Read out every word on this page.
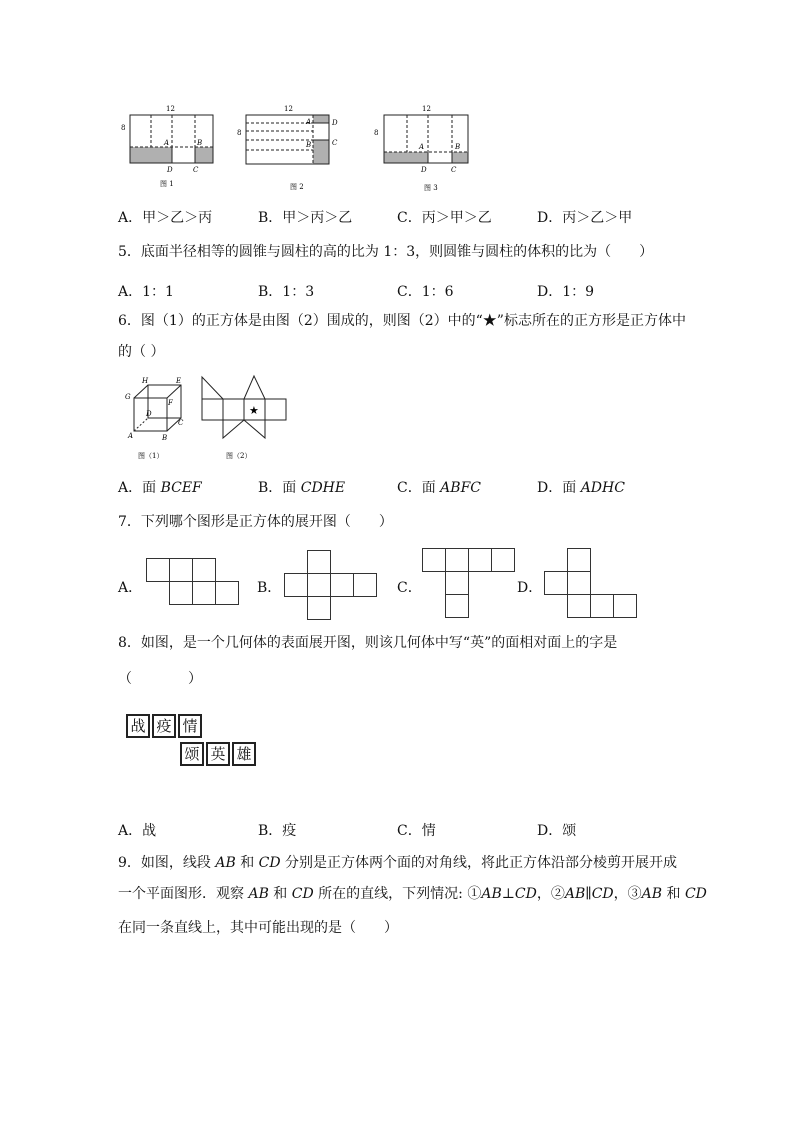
12
8
A	B
D	C
图 1
12
8
A	D
B	C
图 2
12
8
A	B
D	C
图 3
A．甲＞乙＞丙	B．甲＞丙＞乙	C．丙＞甲＞乙	D．丙＞乙＞甲
5．底面半径相等的圆锥与圆柱的高的比为 1：3，则圆锥与圆柱的体积的比为（　　）
A．1：1	B．1：3	C．1：6	D．1：9
6．图（1）的正方体是由图（2）围成的，则图（2）中的“★”标志所在的正方形是正方体中
的（ ）
H	E
G
F
D
C
A	B
图（1）
★
图（2）
A．面 BCEF	B．面 CDHE	C．面 ABFC	D．面 ADHC
7．下列哪个图形是正方体的展开图（　　）
A．	B．	C．	D．
8．如图，是一个几何体的表面展开图，则该几何体中写“英”的面相对面上的字是
（　　　　）
战 疫 情
颂 英 雄
A．战	B．疫	C．情	D．颂
9．如图，线段 AB 和 CD 分别是正方体两个面的对角线，将此正方体沿部分棱剪开展开成
一个平面图形．观察 AB 和 CD 所在的直线，下列情况: ①AB⊥CD，②AB∥CD，③AB 和 CD
在同一条直线上，其中可能出现的是（　　）
